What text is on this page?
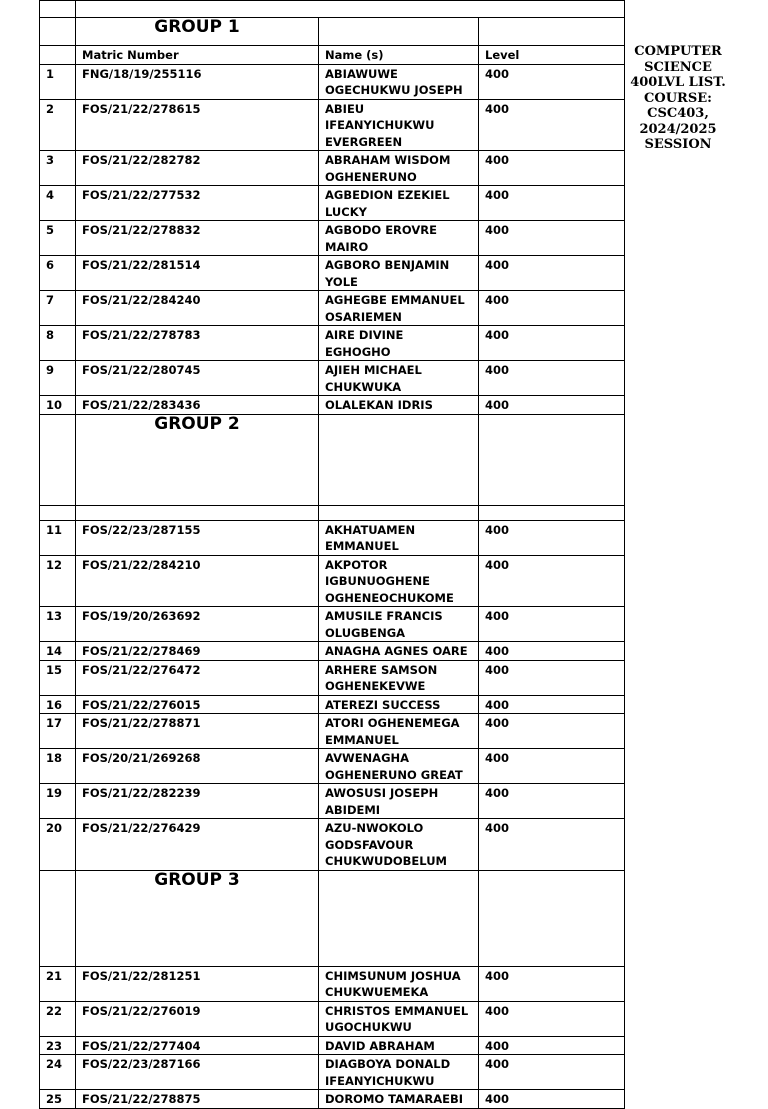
COMPUTER SCIENCE 400LVL LIST. COURSE: CSC403, 2024/2025 SESSION

	GROUP 1		
	Matric Number	Name (s)	Level
1	FNG/18/19/255116	ABIAWUWE OGECHUKWU JOSEPH	400
2	FOS/21/22/278615	ABIEU IFEANYICHUKWU EVERGREEN	400
3	FOS/21/22/282782	ABRAHAM WISDOM OGHENERUNO	400
4	FOS/21/22/277532	AGBEDION EZEKIEL LUCKY	400
5	FOS/21/22/278832	AGBODO EROVRE MAIRO	400
6	FOS/21/22/281514	AGBORO BENJAMIN YOLE	400
7	FOS/21/22/284240	AGHEGBE EMMANUEL OSARIEMEN	400
8	FOS/21/22/278783	AIRE DIVINE EGHOGHO	400
9	FOS/21/22/280745	AJIEH MICHAEL CHUKWUKA	400
10	FOS/21/22/283436	OLALEKAN IDRIS	400
	GROUP 2		

11	FOS/22/23/287155	AKHATUAMEN EMMANUEL	400
12	FOS/21/22/284210	AKPOTOR IGBUNUOGHENE OGHENEOCHUKOME	400
13	FOS/19/20/263692	AMUSILE FRANCIS OLUGBENGA	400
14	FOS/21/22/278469	ANAGHA AGNES OARE	400
15	FOS/21/22/276472	ARHERE SAMSON OGHENEKEVWE	400
16	FOS/21/22/276015	ATEREZI SUCCESS	400
17	FOS/21/22/278871	ATORI OGHENEMEGA EMMANUEL	400
18	FOS/20/21/269268	AVWENAGHA OGHENERUNO GREAT	400
19	FOS/21/22/282239	AWOSUSI JOSEPH ABIDEMI	400
20	FOS/21/22/276429	AZU-NWOKOLO GODSFAVOUR CHUKWUDOBELUM	400
	GROUP 3		
21	FOS/21/22/281251	CHIMSUNUM JOSHUA CHUKWUEMEKA	400
22	FOS/21/22/276019	CHRISTOS EMMANUEL UGOCHUKWU	400
23	FOS/21/22/277404	DAVID ABRAHAM	400
24	FOS/22/23/287166	DIAGBOYA DONALD IFEANYICHUKWU	400
25	FOS/21/22/278875	DOROMO TAMARAEBI	400
